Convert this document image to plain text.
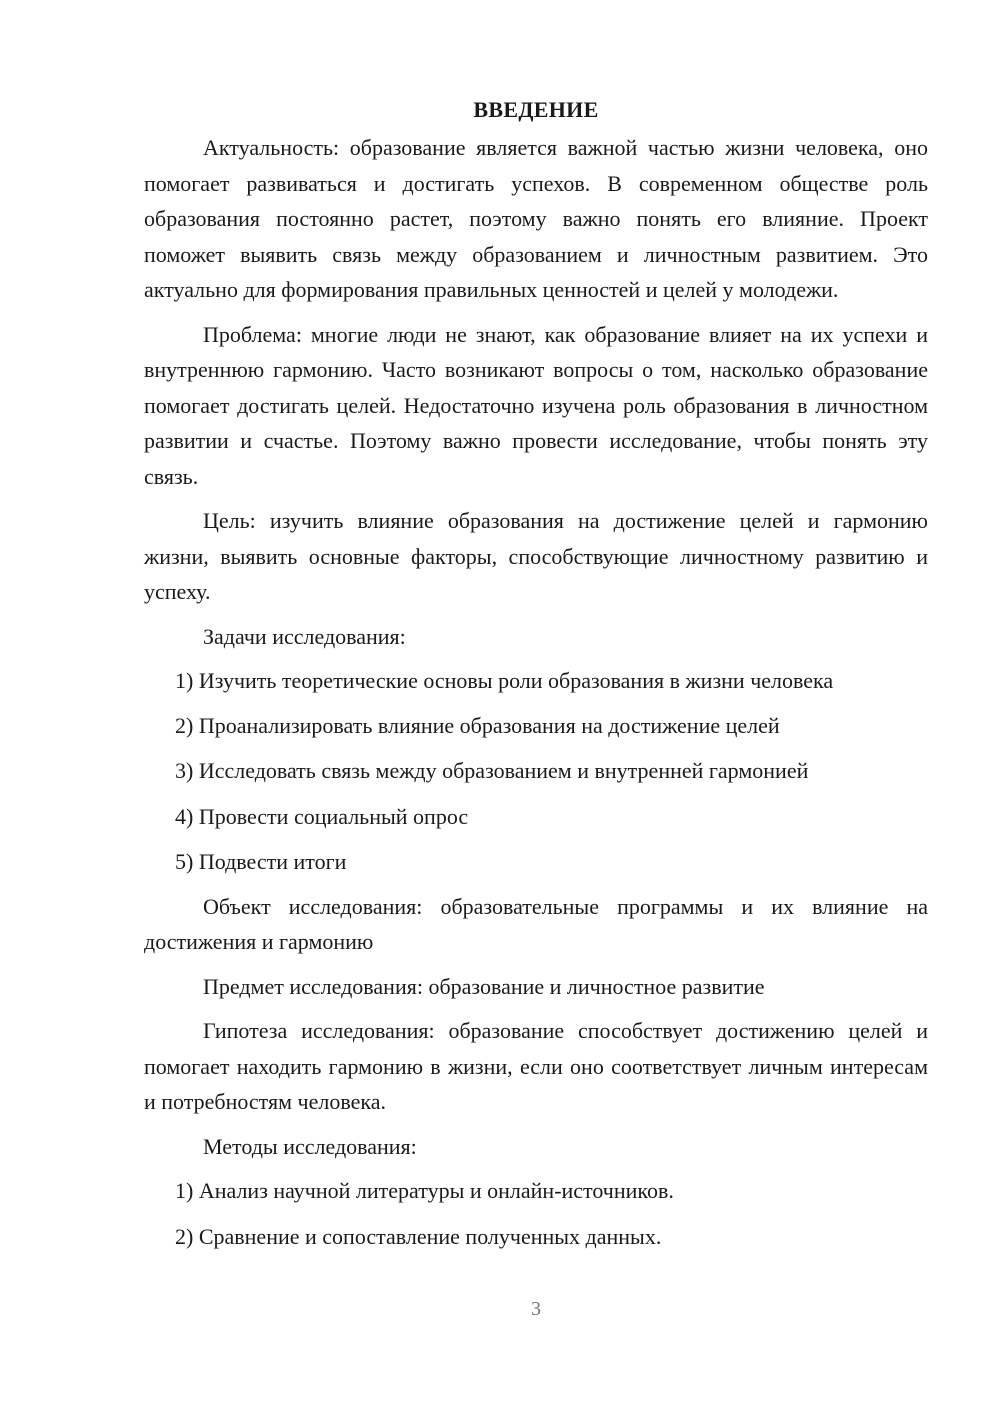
ВВЕДЕНИЕ

Актуальность: образование является важной частью жизни человека, оно помогает развиваться и достигать успехов. В современном обществе роль образования постоянно растет, поэтому важно понять его влияние. Проект поможет выявить связь между образованием и личностным развитием. Это актуально для формирования правильных ценностей и целей у молодежи.

Проблема: многие люди не знают, как образование влияет на их успехи и внутреннюю гармонию. Часто возникают вопросы о том, насколько образование помогает достигать целей. Недостаточно изучена роль образования в личностном развитии и счастье. Поэтому важно провести исследование, чтобы понять эту связь.

Цель: изучить влияние образования на достижение целей и гармонию жизни, выявить основные факторы, способствующие личностному развитию и успеху.

Задачи исследования:

1) Изучить теоретические основы роли образования в жизни человека
2) Проанализировать влияние образования на достижение целей
3) Исследовать связь между образованием и внутренней гармонией
4) Провести социальный опрос
5) Подвести итоги

Объект исследования: образовательные программы и их влияние на достижения и гармонию

Предмет исследования: образование и личностное развитие

Гипотеза исследования: образование способствует достижению целей и помогает находить гармонию в жизни, если оно соответствует личным интересам и потребностям человека.

Методы исследования:

1) Анализ научной литературы и онлайн-источников.
2) Сравнение и сопоставление полученных данных.
3
